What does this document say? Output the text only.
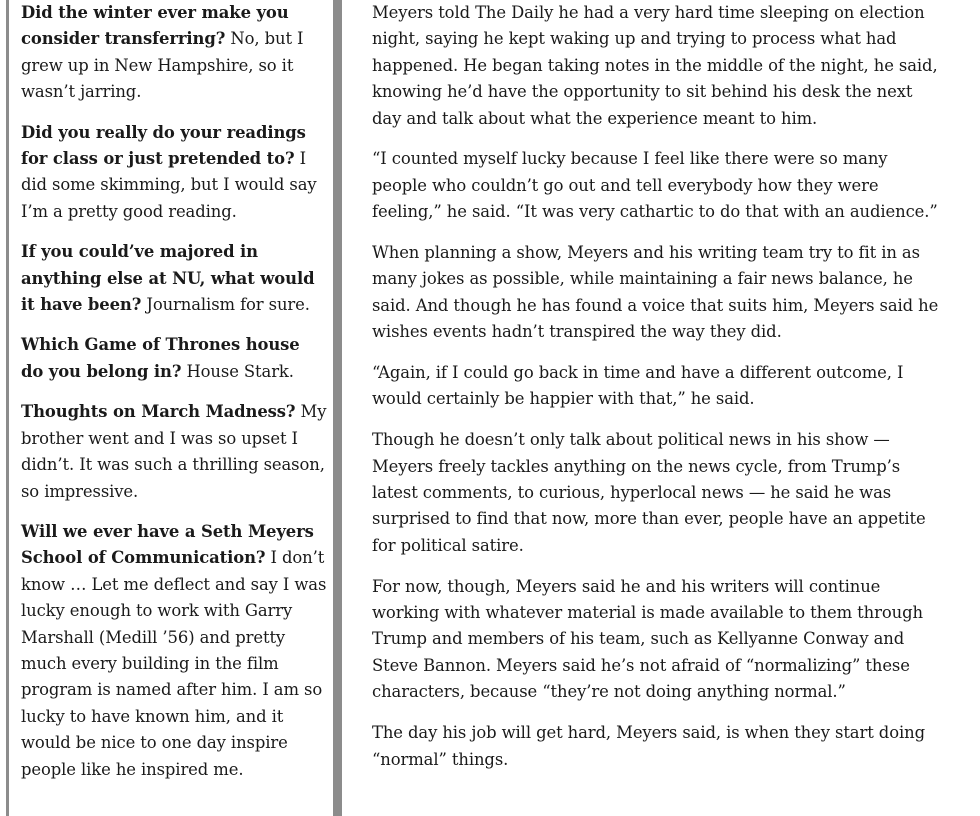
Did the winter ever make you consider transferring? No, but I grew up in New Hampshire, so it wasn’t jarring.

Did you really do your readings for class or just pretended to? I did some skimming, but I would say I’m a pretty good reading.

If you could’ve majored in anything else at NU, what would it have been? Journalism for sure.

Which Game of Thrones house do you belong in? House Stark.

Thoughts on March Madness? My brother went and I was so upset I didn’t. It was such a thrilling season, so impressive.

Will we ever have a Seth Meyers School of Communication? I don’t know … Let me deflect and say I was lucky enough to work with Garry Marshall (Medill ’56) and pretty much every building in the film program is named after him. I am so lucky to have known him, and it would be nice to one day inspire people like he inspired me.

Meyers told The Daily he had a very hard time sleeping on election night, saying he kept waking up and trying to process what had happened. He began taking notes in the middle of the night, he said, knowing he’d have the opportunity to sit behind his desk the next day and talk about what the experience meant to him.

“I counted myself lucky because I feel like there were so many people who couldn’t go out and tell everybody how they were feeling,” he said. “It was very cathartic to do that with an audience.”

When planning a show, Meyers and his writing team try to fit in as many jokes as possible, while maintaining a fair news balance, he said. And though he has found a voice that suits him, Meyers said he wishes events hadn’t transpired the way they did.

“Again, if I could go back in time and have a different outcome, I would certainly be happier with that,” he said.

Though he doesn’t only talk about political news in his show — Meyers freely tackles anything on the news cycle, from Trump’s latest comments, to curious, hyperlocal news — he said he was surprised to find that now, more than ever, people have an appetite for political satire.

For now, though, Meyers said he and his writers will continue working with whatever material is made available to them through Trump and members of his team, such as Kellyanne Conway and Steve Bannon. Meyers said he’s not afraid of “normalizing” these characters, because “they’re not doing anything normal.”

The day his job will get hard, Meyers said, is when they start doing “normal” things.
